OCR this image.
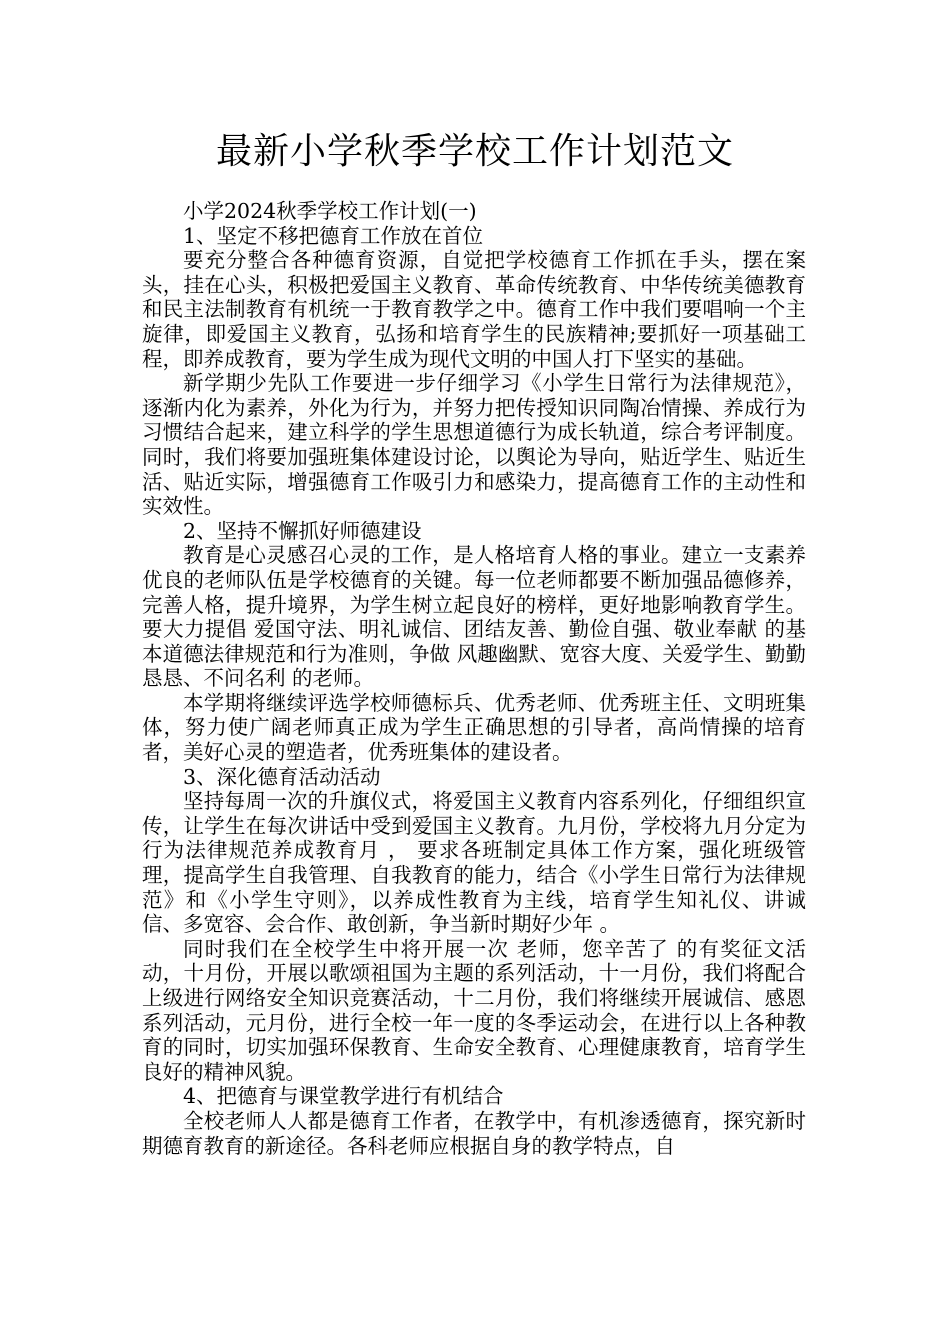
最新小学秋季学校工作计划范文

小学2024秋季学校工作计划(一)

1、坚定不移把德育工作放在首位

要充分整合各种德育资源，自觉把学校德育工作抓在手头，摆在案头，挂在心头，积极把爱国主义教育、革命传统教育、中华传统美德教育和民主法制教育有机统一于教育教学之中。德育工作中我们要唱响一个主旋律，即爱国主义教育，弘扬和培育学生的民族精神;要抓好一项基础工程，即养成教育，要为学生成为现代文明的中国人打下坚实的基础。

新学期少先队工作要进一步仔细学习《小学生日常行为法律规范》，逐渐内化为素养，外化为行为，并努力把传授知识同陶冶情操、养成行为习惯结合起来，建立科学的学生思想道德行为成长轨道，综合考评制度。同时，我们将要加强班集体建设讨论，以舆论为导向，贴近学生、贴近生活、贴近实际，增强德育工作吸引力和感染力，提高德育工作的主动性和实效性。

2、坚持不懈抓好师德建设

教育是心灵感召心灵的工作，是人格培育人格的事业。建立一支素养优良的老师队伍是学校德育的关键。每一位老师都要不断加强品德修养，完善人格，提升境界，为学生树立起良好的榜样，更好地影响教育学生。要大力提倡 爱国守法、明礼诚信、团结友善、勤俭自强、敬业奉献 的基本道德法律规范和行为准则，争做 风趣幽默、宽容大度、关爱学生、勤勤恳恳、不问名利 的老师。

本学期将继续评选学校师德标兵、优秀老师、优秀班主任、文明班集体，努力使广阔老师真正成为学生正确思想的引导者，高尚情操的培育者，美好心灵的塑造者，优秀班集体的建设者。

3、深化德育活动活动

坚持每周一次的升旗仪式，将爱国主义教育内容系列化，仔细组织宣传，让学生在每次讲话中受到爱国主义教育。九月份，学校将九月分定为 行为法律规范养成教育月 ， 要求各班制定具体工作方案，强化班级管理，提高学生自我管理、自我教育的能力，结合《小学生日常行为法律规范》和《小学生守则》，以养成性教育为主线，培育学生知礼仪、讲诚信、多宽容、会合作、敢创新，争当新时期好少年 。

同时我们在全校学生中将开展一次 老师，您辛苦了 的有奖征文活动，十月份，开展以歌颂祖国为主题的系列活动，十一月份，我们将配合上级进行网络安全知识竞赛活动，十二月份，我们将继续开展诚信、感恩系列活动，元月份，进行全校一年一度的冬季运动会，在进行以上各种教育的同时，切实加强环保教育、生命安全教育、心理健康教育，培育学生良好的精神风貌。

4、把德育与课堂教学进行有机结合

全校老师人人都是德育工作者，在教学中，有机渗透德育，探究新时期德育教育的新途径。各科老师应根据自身的教学特点，自
